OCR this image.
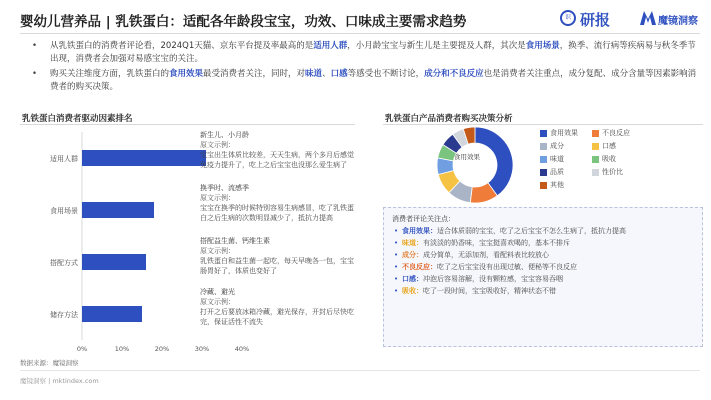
婴幼儿营养品 | 乳铁蛋白：适配各年龄段宝宝，功效、口味成主要需求趋势	识 研报	魔镜洞察
• 从乳铁蛋白的消费者评论看，2024Q1天猫、京东平台提及率最高的是适用人群，小月龄宝宝与新生儿是主要提及人群，其次是食用场景，换季、流行病等疾病易与秋冬季节出现，消费者会加强对易感宝宝的关注。
• 购买关注维度方面，乳铁蛋白的食用效果最受消费者关注，同时，对味道、口感等感受也不断讨论，成分和不良反应也是消费者关注重点，成分复配、成分含量等因素影响消费者的购买决策。
乳铁蛋白消费者驱动因素排名
适用人群
食用场景
搭配方式
储存方法
0%	10%	20%	30%	40%
新生儿、小月龄
原文示例：
宝宝出生体质比较差，天天生病，两个多月后感觉免疫力提升了，吃上之后宝宝也没那么爱生病了
换季时、流感季
原文示例：
宝宝在换季的时候特别容易生病感冒，吃了乳铁蛋白之后生病的次数明显减少了，抵抗力提高
搭配益生菌、钙维生素
原文示例：
乳铁蛋白和益生菌一起吃，每天早晚各一包，宝宝肠胃好了，体质也变好了
冷藏、避光
原文示例：
打开之后要放冰箱冷藏，避光保存，开封后尽快吃完，保证活性不流失
乳铁蛋白产品消费者购买决策分析
食用效果
食用效果	不良反应
成分	口感
味道	吸收
品质	性价比
其他
消费者评论关注点：
• 食用效果：适合体质弱的宝宝，吃了之后宝宝不怎么生病了，抵抗力提高
• 味道：有淡淡的奶香味，宝宝挺喜欢喝的，基本不排斥
• 成分：成分简单，无添加剂，看配料表比较放心
• 不良反应：吃了之后宝宝没有出现过敏、便秘等不良反应
• 口感：冲泡后容易溶解，没有颗粒感，宝宝容易吞咽
• 吸收：吃了一段时间，宝宝吸收好，精神状态不错
数据来源：魔镜洞察
魔镜洞察 | mktindex.com
